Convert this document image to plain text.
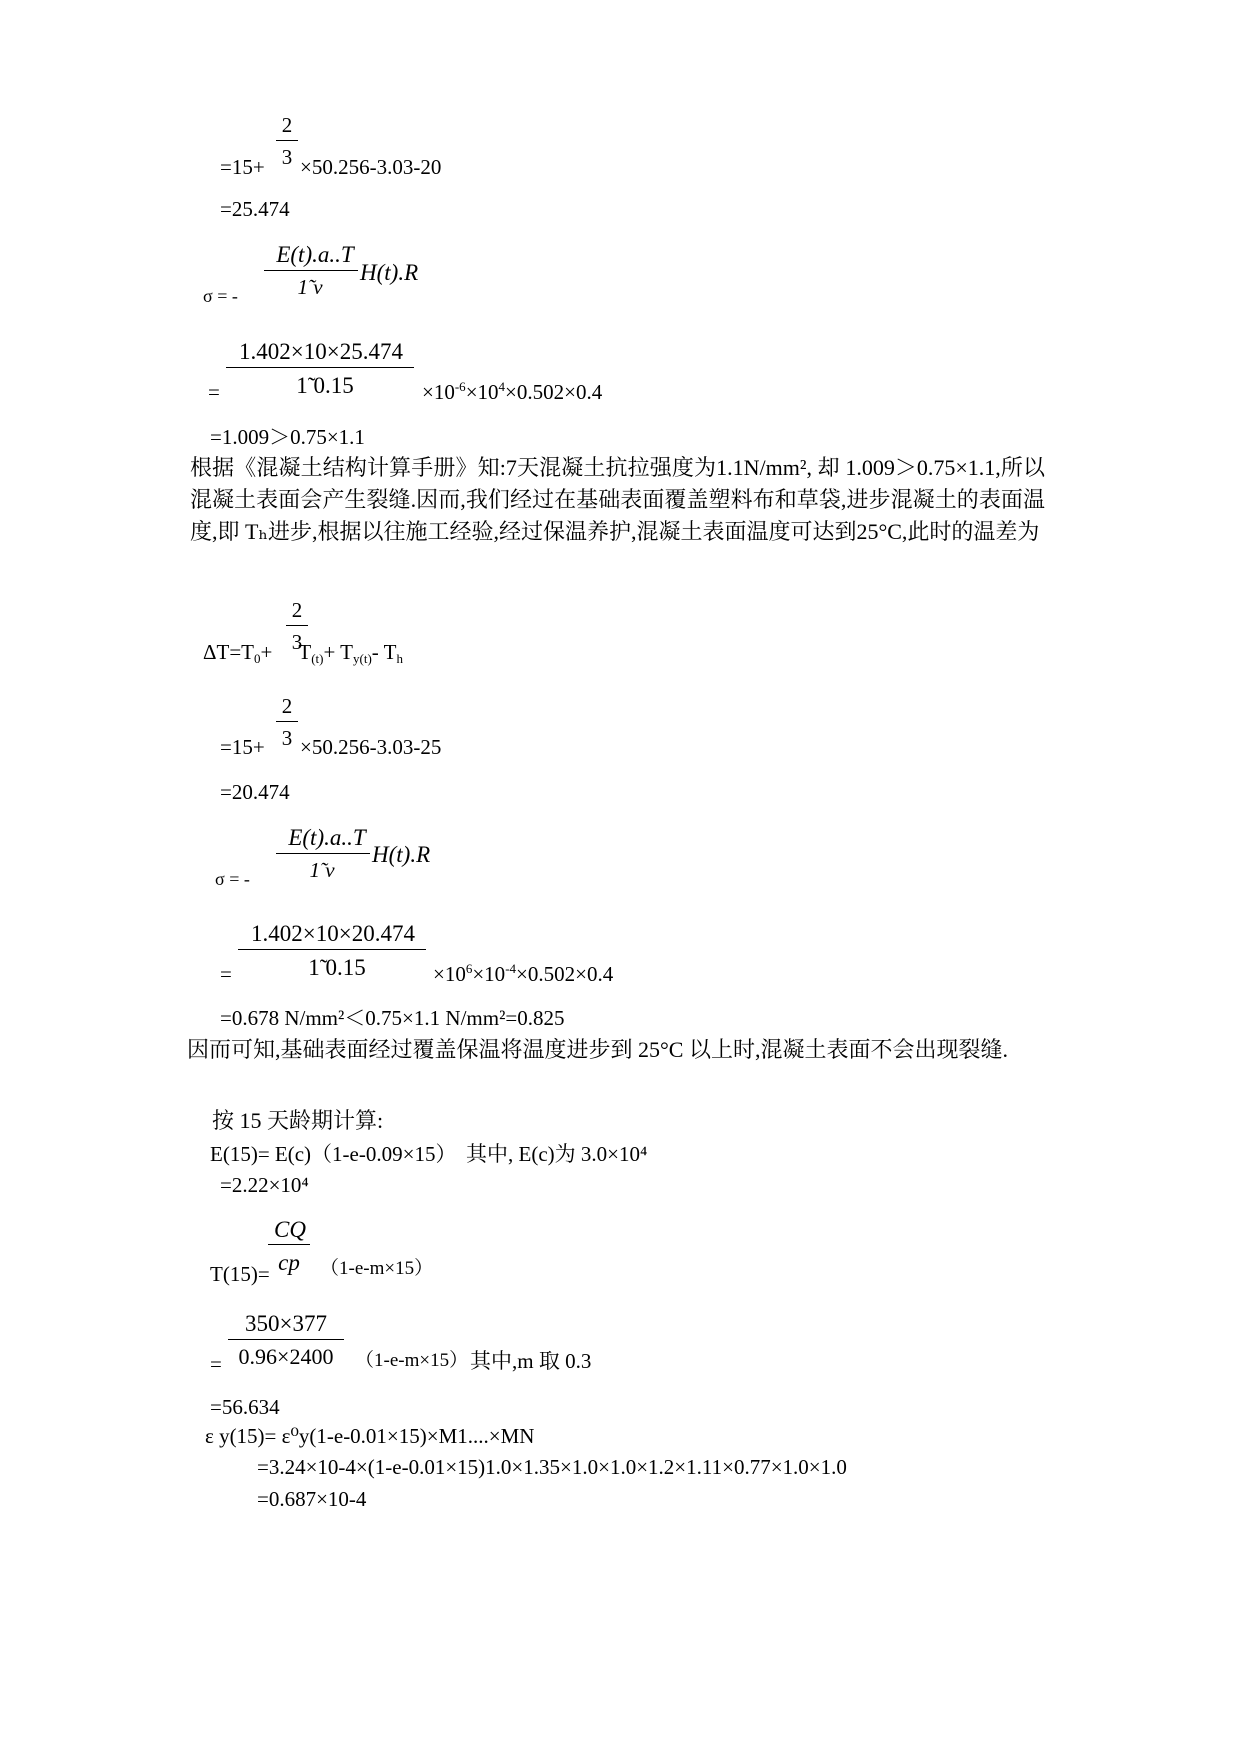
2
3
=15+ ×50.256-3.03-20
=25.474
E(t).a..T
1̃ v
H(t).R
σ = -
1.402×10×25.474
1̃ 0.15
=	$\times 10^{-6}\times 10^4\times 0.502\times 0.4$
=1.009＞0.75×1.1
根据《混凝土结构计算手册》知:7天混凝土抗拉强度为1.1N/mm², 却 1.009＞0.75×1.1,所以混凝土表面会产生裂缝.因而,我们经过在基础表面覆盖塑料布和草袋,进步混凝土的表面温度,即 Tₕ进步,根据以往施工经验,经过保温养护,混凝土表面温度可达到25°C,此时的温差为
2
3
$\Delta T=T_0+ T_{(t)}+ T_{y(t)}-$ $T_h$
2
3
=15+ ×50.256-3.03-25
=20.474
E(t).a..T
1̃ v
H(t).R
σ = -
1.402×10×20.474
1̃ 0.15
=	$\times 10^6\times 10^{-4}\times 0.502\times 0.4$
=0.678 N/mm²＜0.75×1.1 N/mm²=0.825
因而可知,基础表面经过覆盖保温将温度进步到 25°C 以上时,混凝土表面不会出现裂缝.
按 15 天龄期计算:
E(15)= E(c)（1-e-0.09×15） 其中, E(c)为 3.0×10⁴
=2.22×10⁴
CQ
cp
T(15)=	（1-e-m×15）
350×377
0.96×2400
=	（1-e-m×15） 其中,m 取 0.3
=56.634
ε y(15)= ε⁰y(1-e-0.01×15)×M1....×MN
=3.24×10-4×(1-e-0.01×15)1.0×1.35×1.0×1.0×1.2×1.11×0.77×1.0×1.0
=0.687×10-4
